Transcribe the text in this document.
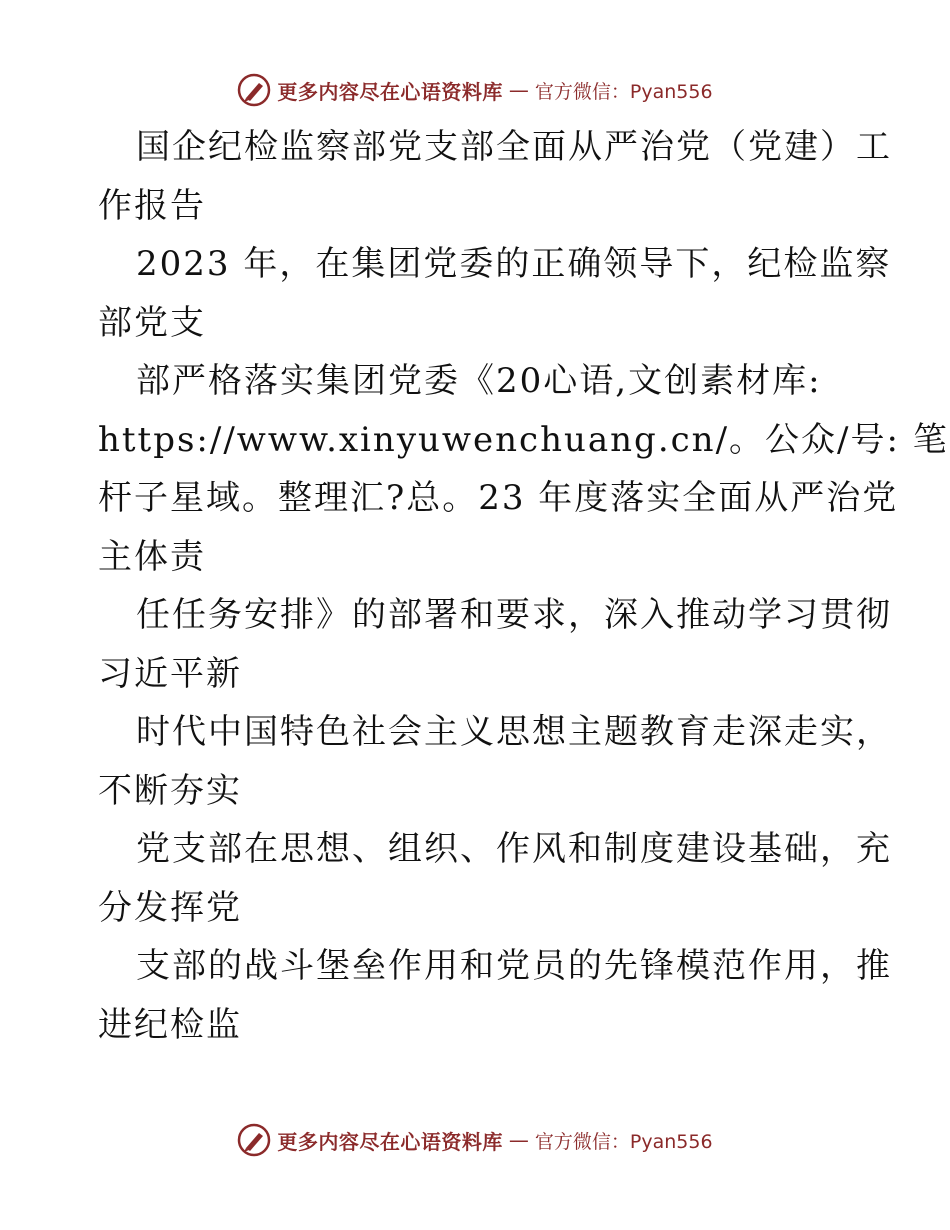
更多内容尽在心语资料库 — 官方微信：Pyan556
国企纪检监察部党支部全面从严治党（党建）工
作报告
2023 年，在集团党委的正确领导下，纪检监察
部党支
部严格落实集团党委《20心语,文创素材库:
https://www.xinyuwenchuang.cn/。公众/号: 笔
杆子星域。整理汇?总。23 年度落实全面从严治党
主体责
任任务安排》的部署和要求，深入推动学习贯彻
习近平新
时代中国特色社会主义思想主题教育走深走实，
不断夯实
党支部在思想、组织、作风和制度建设基础，充
分发挥党
支部的战斗堡垒作用和党员的先锋模范作用，推
进纪检监
更多内容尽在心语资料库 — 官方微信：Pyan556
